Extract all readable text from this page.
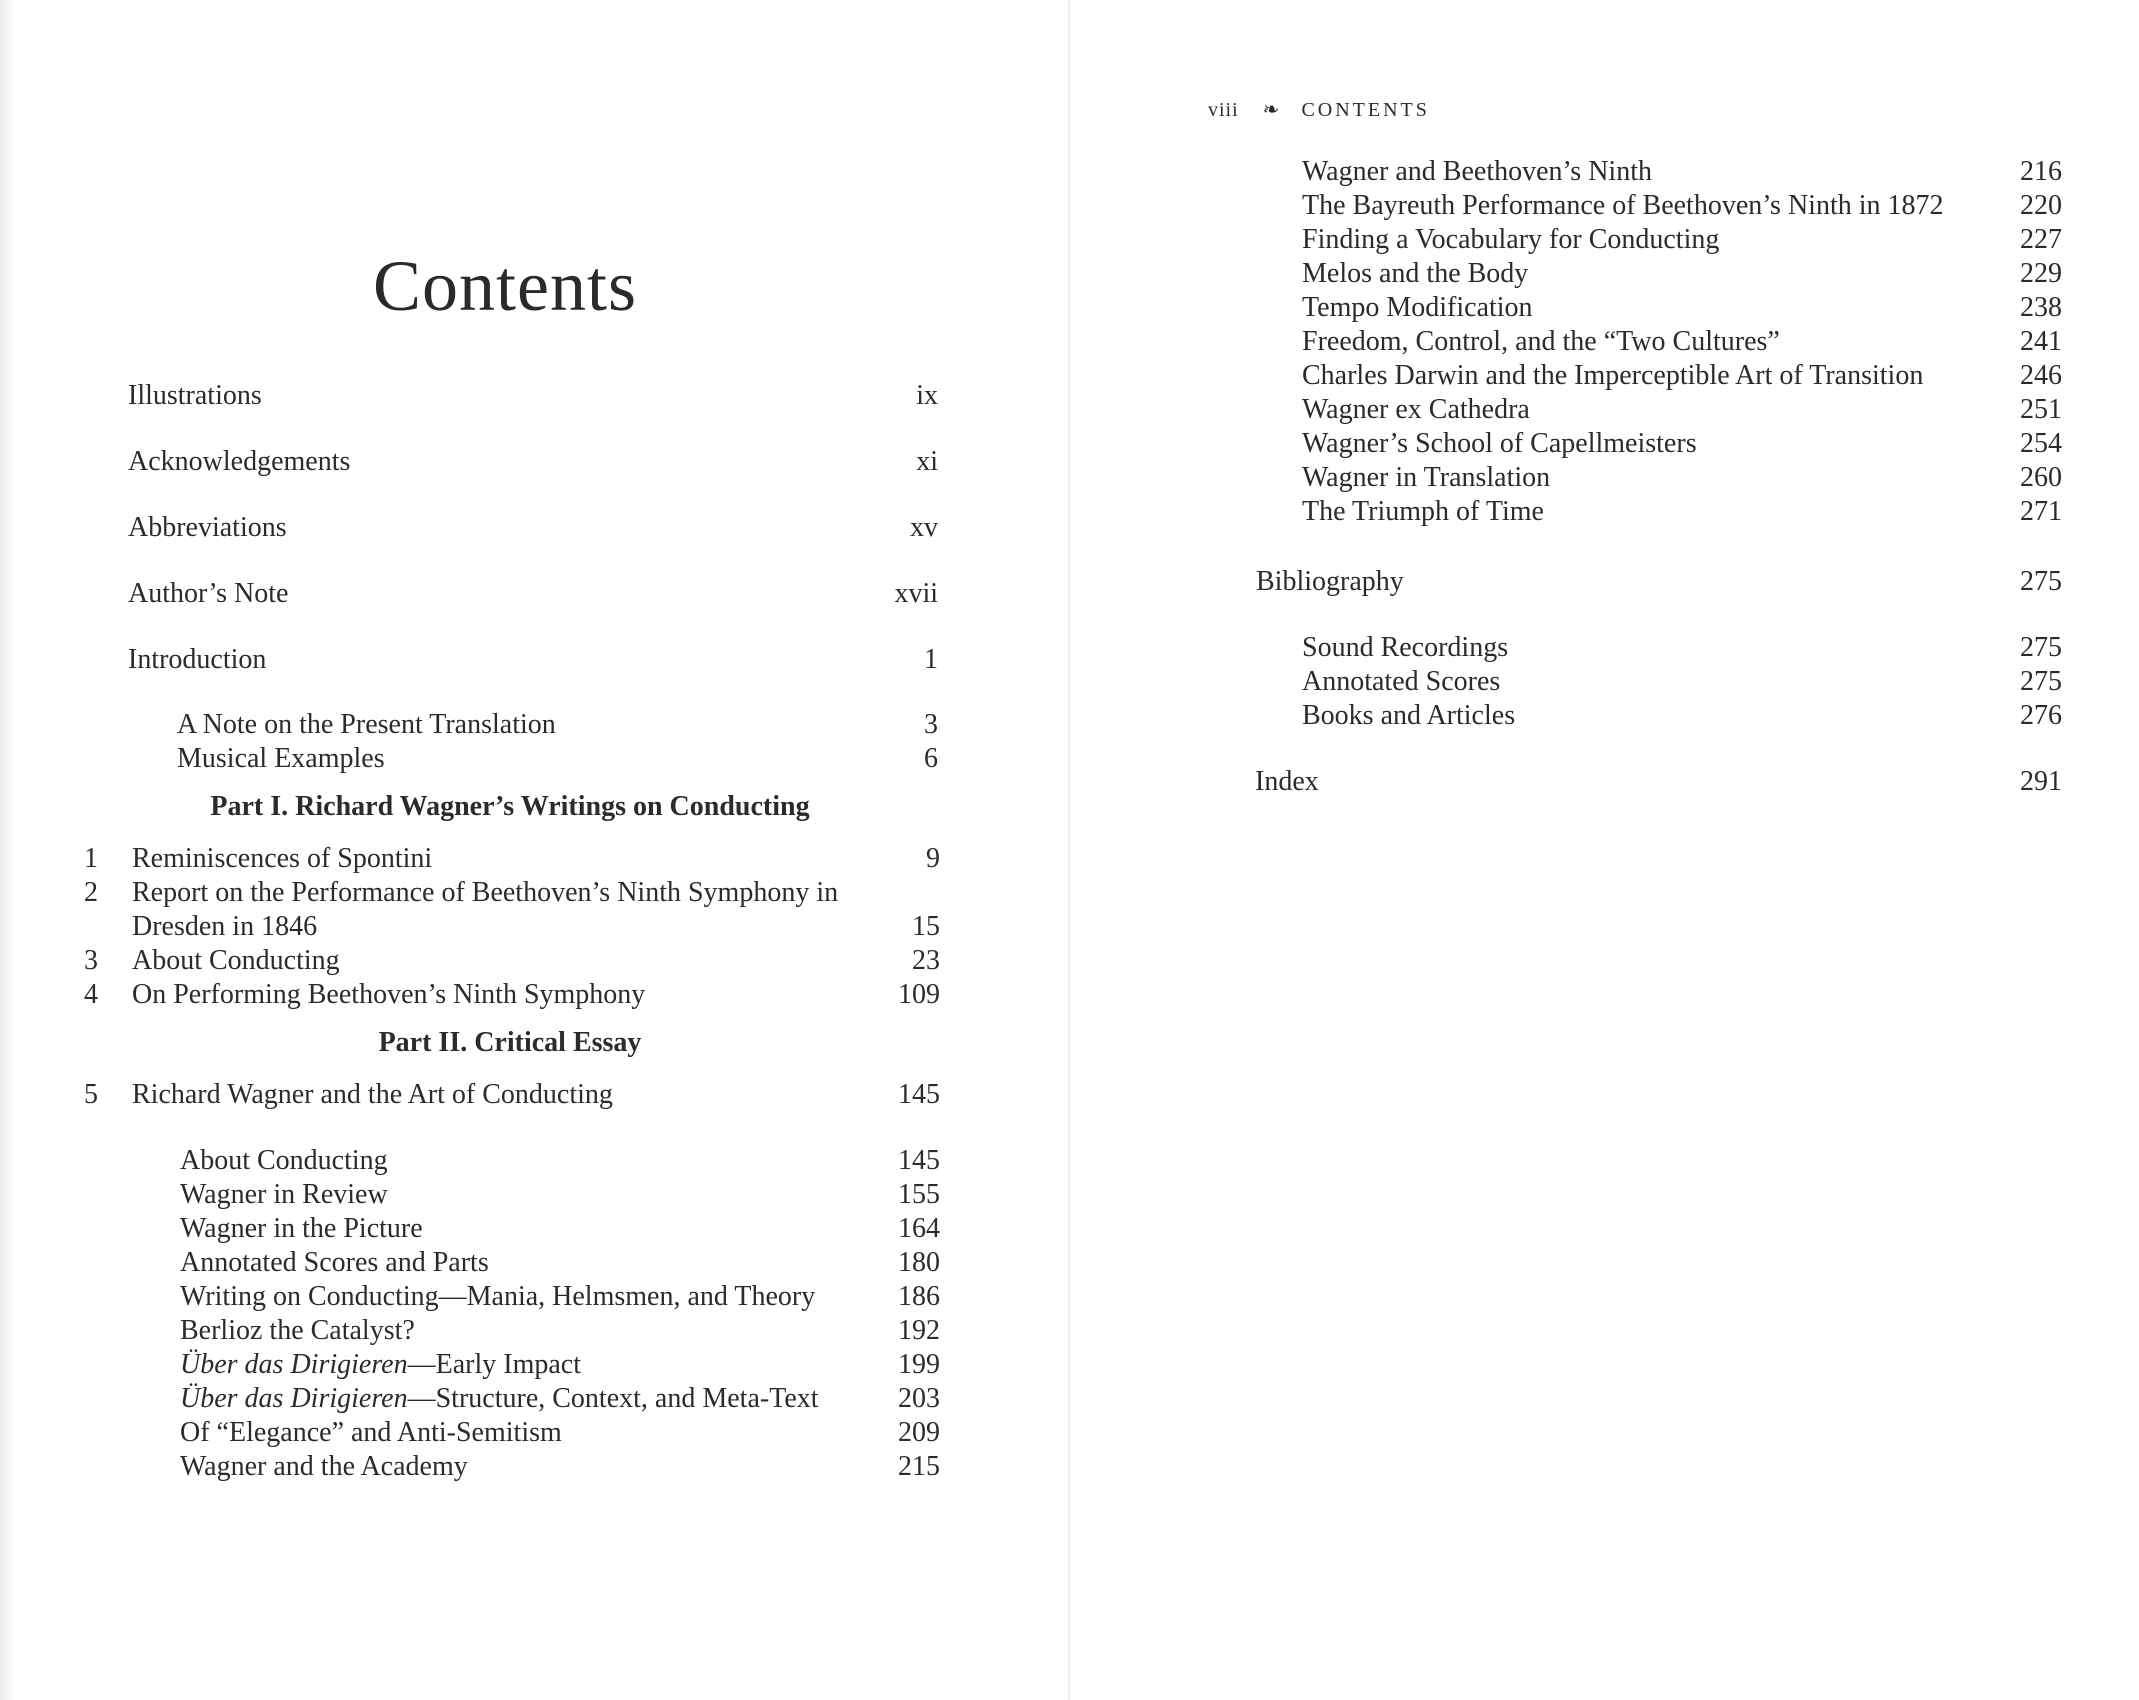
Contents
Illustrations	ix
Acknowledgements	xi
Abbreviations	xv
Author’s Note	xvii
Introduction	1
A Note on the Present Translation	3
Musical Examples	6
Part I. Richard Wagner’s Writings on Conducting
1 Reminiscences of Spontini	9
2 Report on the Performance of Beethoven’s Ninth Symphony in
Dresden in 1846	15
3 About Conducting	23
4 On Performing Beethoven’s Ninth Symphony	109
Part II. Critical Essay
5 Richard Wagner and the Art of Conducting	145
About Conducting	145
Wagner in Review	155
Wagner in the Picture	164
Annotated Scores and Parts	180
Writing on Conducting—Mania, Helmsmen, and Theory	186
Berlioz the Catalyst?	192
Über das Dirigieren—Early Impact	199
Über das Dirigieren—Structure, Context, and Meta-Text	203
Of “Elegance” and Anti-Semitism	209
Wagner and the Academy	215
viii ❧ CONTENTS
Wagner and Beethoven’s Ninth	216
The Bayreuth Performance of Beethoven’s Ninth in 1872	220
Finding a Vocabulary for Conducting	227
Melos and the Body	229
Tempo Modification	238
Freedom, Control, and the “Two Cultures”	241
Charles Darwin and the Imperceptible Art of Transition	246
Wagner ex Cathedra	251
Wagner’s School of Capellmeisters	254
Wagner in Translation	260
The Triumph of Time	271
Bibliography	275
Sound Recordings	275
Annotated Scores	275
Books and Articles	276
Index	291
